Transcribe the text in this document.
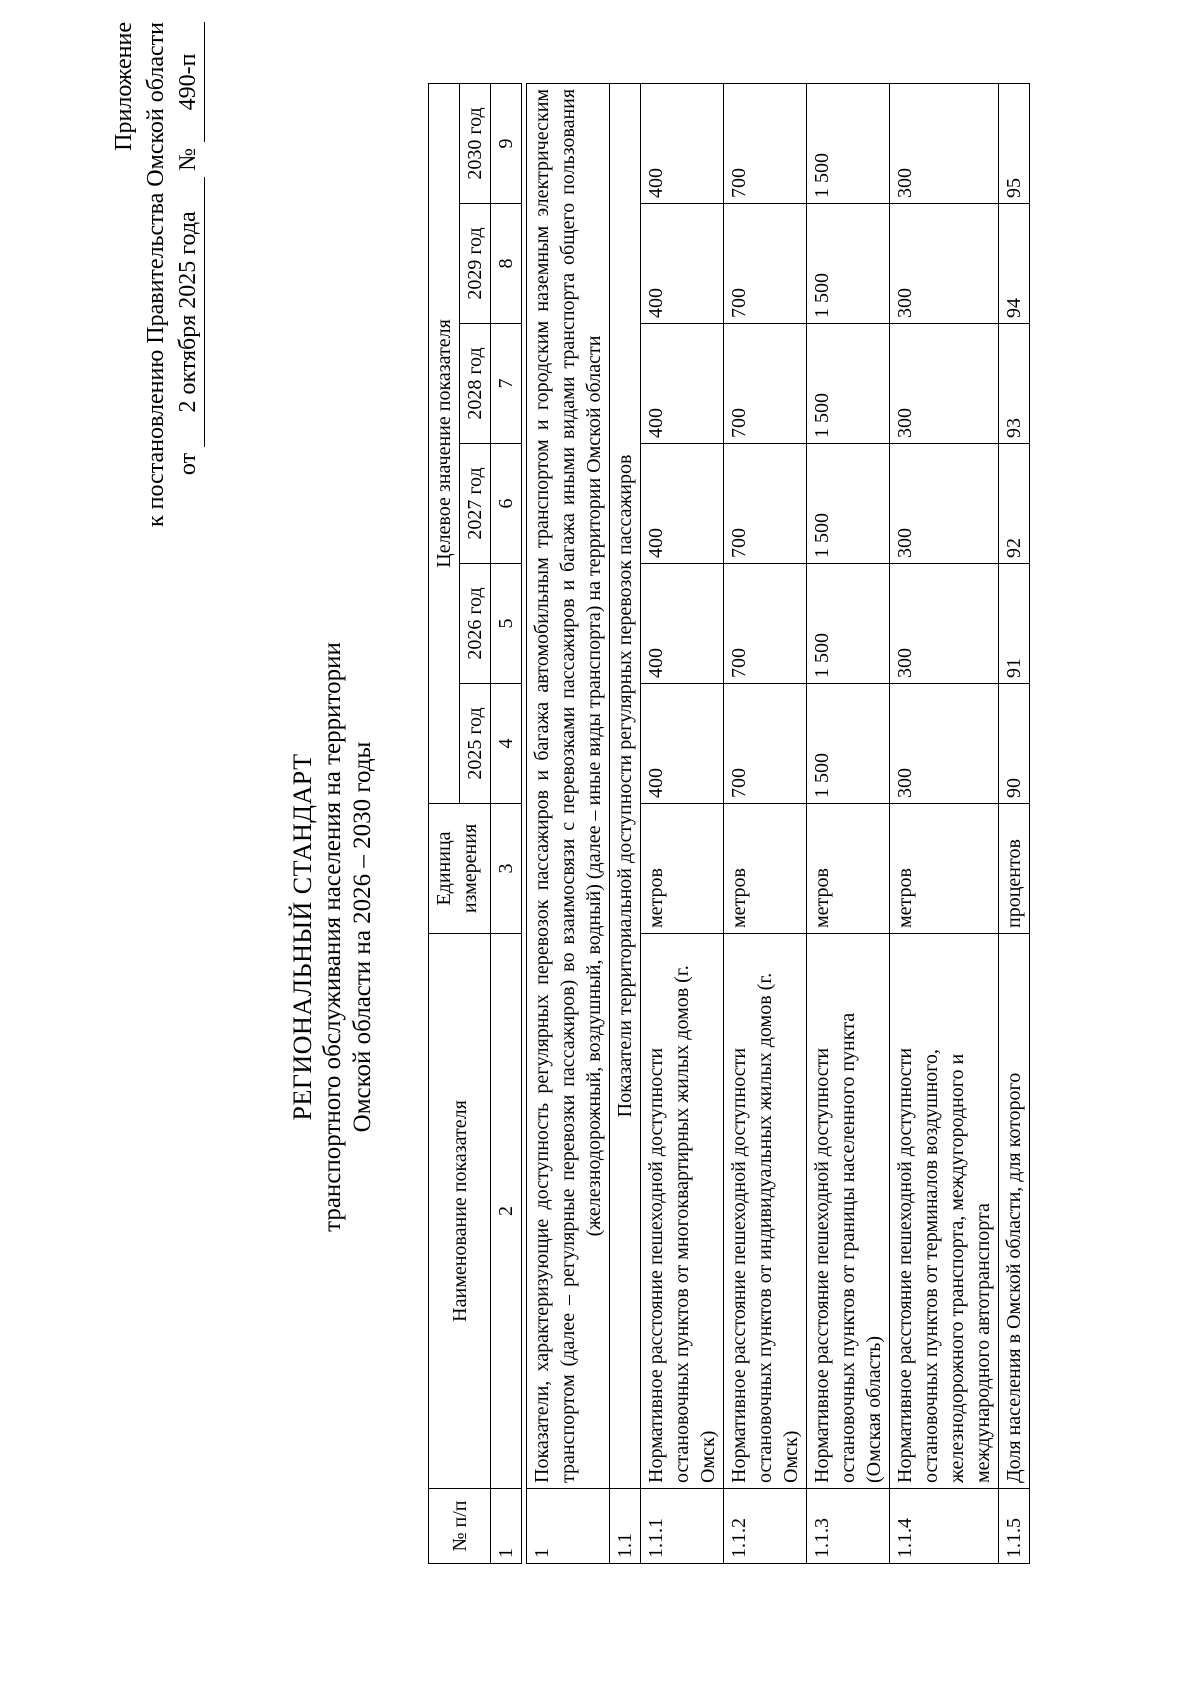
Приложение к постановлению Правительства Омской области от 2 октября 2025 года № 490-п
РЕГИОНАЛЬНЫЙ СТАНДАРТ транспортного обслуживания населения на территории Омской области на 2026 – 2030 годы
№ п/п	Наименование показателя	Единица измерения	Целевое значение показателя					
			2025 год	2026 год	2027 год	2028 год	2029 год	2030 год
1	2	3	4	5	6	7	8	9

1	Показатели, характеризующие доступность регулярных перевозок пассажиров и багажа автомобильным транспортом и городским наземным электрическим транспортом (далее – регулярные перевозки пассажиров) во взаимосвязи с перевозками пассажиров и багажа иными видами транспорта общего пользования (железнодорожный, воздушный, водный) (далее – иные виды транспорта) на территории Омской области							
1.1	Показатели территориальной доступности регулярных перевозок пассажиров							
1.1.1	Нормативное расстояние пешеходной доступности остановочных пунктов от многоквартирных жилых домов (г. Омск)	метров	400	400	400	400	400	400
1.1.2	Нормативное расстояние пешеходной доступности остановочных пунктов от индивидуальных жилых домов (г. Омск)	метров	700	700	700	700	700	700
1.1.3	Нормативное расстояние пешеходной доступности остановочных пунктов от границы населенного пункта (Омская область)	метров	1 500	1 500	1 500	1 500	1 500	1 500
1.1.4	Нормативное расстояние пешеходной доступности остановочных пунктов от терминалов воздушного, железнодорожного транспорта, междугородного и международного автотранспорта	метров	300	300	300	300	300	300
1.1.5	Доля населения в Омской области, для которого	процентов	90	91	92	93	94	95
